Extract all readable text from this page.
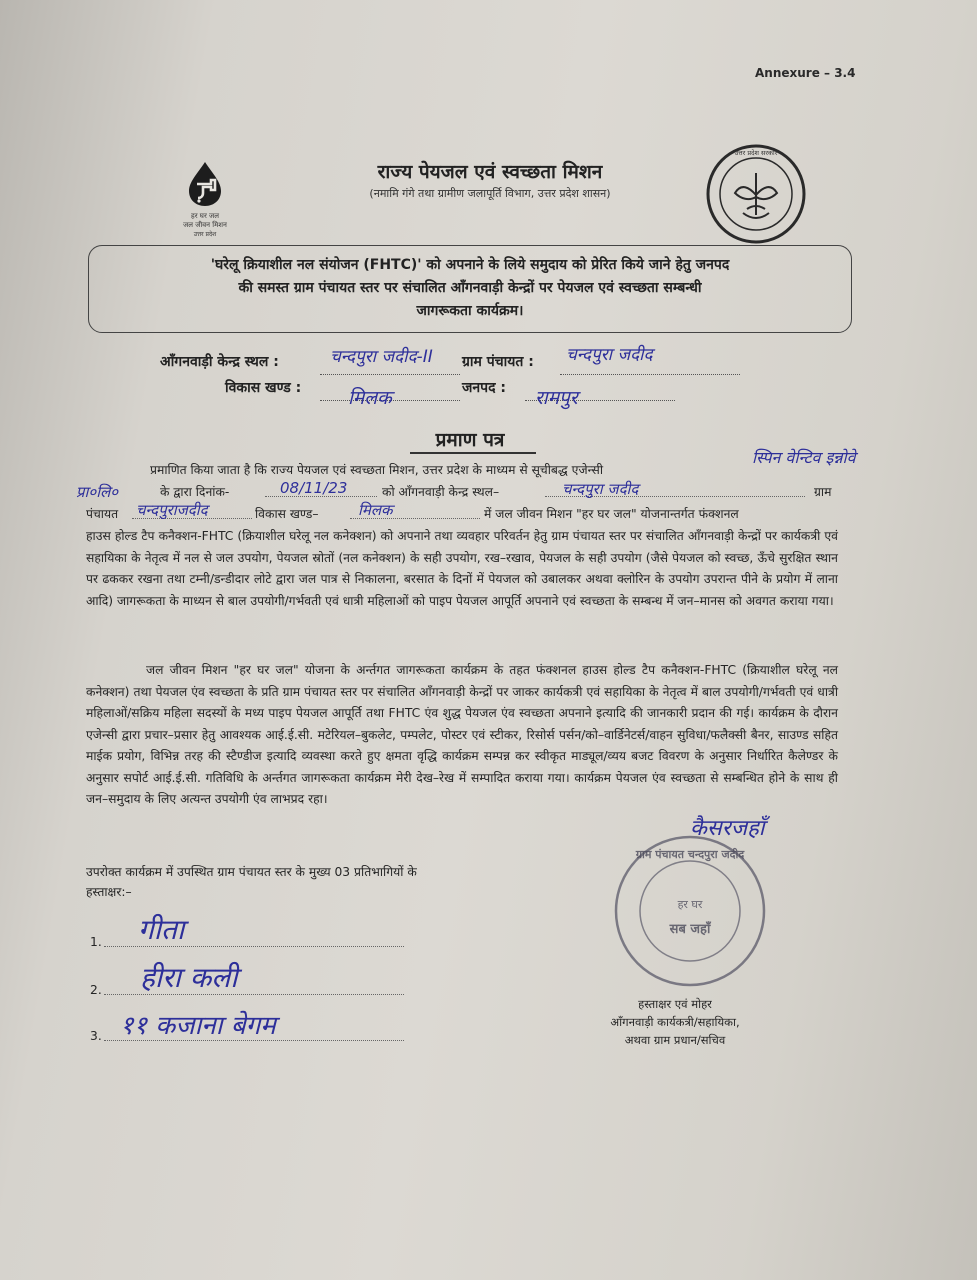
Annexure – 3.4
हर घर जल
जल जीवन मिशन
उत्तर प्रदेश
उत्तर प्रदेश सरकार
राज्य पेयजल एवं स्वच्छता मिशन
(नमामि गंगे तथा ग्रामीण जलापूर्ति विभाग, उत्तर प्रदेश शासन)
'घरेलू क्रियाशील नल संयोजन (FHTC)' को अपनाने के लिये समुदाय को प्रेरित किये जाने हेतु जनपद
की समस्त ग्राम पंचायत स्तर पर संचालित आँगनवाड़ी केन्द्रों पर पेयजल एवं स्वच्छता सम्बन्धी
जागरूकता कार्यक्रम।
आँगनवाड़ी केन्द्र स्थल :	चन्दपुरा जदीद-II ग्राम पंचायत : चन्दपुरा जदीद
विकास खण्ड : मिलक	जनपद : रामपुर
प्रमाण पत्र
प्रमाणित किया जाता है कि राज्य पेयजल एवं स्वच्छता मिशन, उत्तर प्रदेश के माध्यम से सूचीबद्ध एजेन्सी
स्पिन वेन्टिव इन्नोवे
प्रा०लि०	के द्वारा दिनांक-	08/11/23	को आँगनवाड़ी केन्द्र स्थल–	चन्दपुरा जदीद	ग्राम
पंचायत चन्दपुराजदीद	विकास खण्ड–	मिलक	में जल जीवन मिशन "हर घर जल" योजनान्तर्गत फंक्शनल
हाउस होल्ड टैप कनैक्शन-FHTC (क्रियाशील घरेलू नल कनेक्शन) को अपनाने तथा व्यवहार परिवर्तन हेतु ग्राम पंचायत स्तर पर संचालित आँगनवाड़ी केन्द्रों पर कार्यकत्री एवं सहायिका के नेतृत्व में नल से जल उपयोग, पेयजल स्रोतों (नल कनेक्शन) के सही उपयोग, रख–रखाव, पेयजल के सही उपयोग (जैसे पेयजल को स्वच्छ, ऊँचे सुरक्षित स्थान पर ढककर रखना तथा टम्नी/डन्डीदार लोटे द्वारा जल पात्र से निकालना, बरसात के दिनों में पेयजल को उबालकर अथवा क्लोरिन के उपयोग उपरान्त पीने के प्रयोग में लाना आदि) जागरूकता के माध्यन से बाल उपयोगी/गर्भवती एवं धात्री महिलाओं को पाइप पेयजल आपूर्ति अपनाने एवं स्वच्छता के सम्बन्ध में जन–मानस को अवगत कराया गया।
जल जीवन मिशन "हर घर जल" योजना के अर्न्तगत जागरूकता कार्यक्रम के तहत फंक्शनल हाउस होल्ड टैप कनैक्शन-FHTC (क्रियाशील घरेलू नल कनेक्शन) तथा पेयजल एंव स्वच्छता के प्रति ग्राम पंचायत स्तर पर संचालित आँगनवाड़ी केन्द्रों पर जाकर कार्यकत्री एवं सहायिका के नेतृत्व में बाल उपयोगी/गर्भवती एवं धात्री महिलाओं/सक्रिय महिला सदस्यों के मध्य पाइप पेयजल आपूर्ति तथा FHTC एंव शुद्ध पेयजल एंव स्वच्छता अपनाने इत्यादि की जानकारी प्रदान की गई। कार्यक्रम के दौरान एजेन्सी द्वारा प्रचार–प्रसार हेतु आवश्यक आई.ई.सी. मटेरियल–बुकलेट, पम्पलेट, पोस्टर एवं स्टीकर, रिसोर्स पर्सन/को–वार्डिनेटर्स/वाहन सुविधा/फलैक्सी बैनर, साउण्ड सहित माईक प्रयोग, विभिन्न तरह की स्टैण्डीज इत्यादि व्यवस्था करते हुए क्षमता वृद्धि कार्यक्रम सम्पन्न कर स्वीकृत माड्यूल/व्यय बजट विवरण के अनुसार निर्धारित कैलेण्डर के अनुसार सपोर्ट आई.ई.सी. गतिविधि के अर्न्तगत जागरूकता कार्यक्रम मेरी देख–रेख में सम्पादित कराया गया। कार्यक्रम पेयजल एंव स्वच्छता से सम्बन्धित होने के साथ ही जन–समुदाय के लिए अत्यन्त उपयोगी एंव लाभप्रद रहा।
उपरोक्त कार्यक्रम में उपस्थित ग्राम पंचायत स्तर के मुख्य 03 प्रतिभागियों के
हस्ताक्षर:–
1. गीता
2. हीरा कली
3. ११ कजाना बेगम
ग्राम पंचायत चन्दपुरा जदीद
हर घर
सब जहाँ
कैसरजहाँ
हस्ताक्षर एवं मोहर
आँगनवाड़ी कार्यकत्री/सहायिका,
अथवा ग्राम प्रधान/सचिव
